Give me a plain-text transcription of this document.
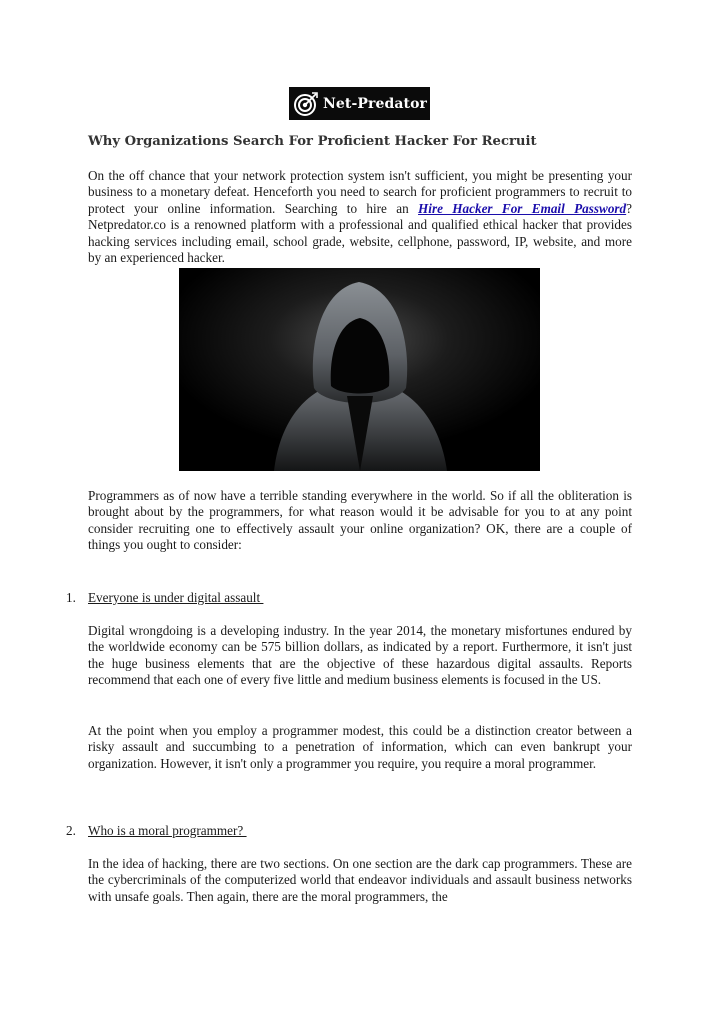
Net-Predator
Why Organizations Search For Proficient Hacker For Recruit

On the off chance that your network protection system isn't sufficient, you might be presenting your business to a monetary defeat. Henceforth you need to search for proficient programmers to recruit to protect your online information. Searching to hire an Hire Hacker For Email Password? Netpredator.co is a renowned platform with a professional and qualified ethical hacker that provides hacking services including email, school grade, website, cellphone, password, IP, website, and more by an experienced hacker.

Programmers as of now have a terrible standing everywhere in the world. So if all the obliteration is brought about by the programmers, for what reason would it be advisable for you to at any point consider recruiting one to effectively assault your online organization? OK, there are a couple of things you ought to consider:

1. Everyone is under digital assault

Digital wrongdoing is a developing industry. In the year 2014, the monetary misfortunes endured by the worldwide economy can be 575 billion dollars, as indicated by a report. Furthermore, it isn't just the huge business elements that are the objective of these hazardous digital assaults. Reports recommend that each one of every five little and medium business elements is focused in the US.

At the point when you employ a programmer modest, this could be a distinction creator between a risky assault and succumbing to a penetration of information, which can even bankrupt your organization. However, it isn't only a programmer you require, you require a moral programmer.

2. Who is a moral programmer?

In the idea of hacking, there are two sections. On one section are the dark cap programmers. These are the cybercriminals of the computerized world that endeavor individuals and assault business networks with unsafe goals. Then again, there are the moral programmers, the
